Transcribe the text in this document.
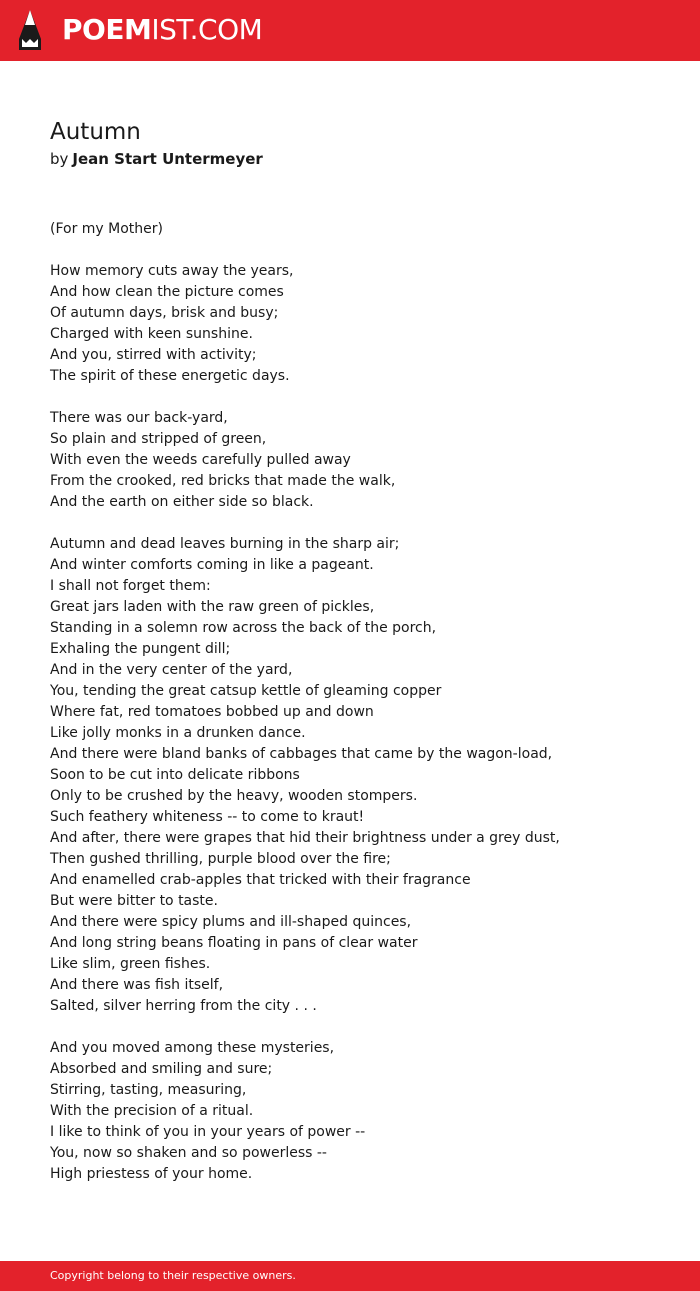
POEMIST.COM
Autumn
by Jean Start Untermeyer
(For my Mother)
How memory cuts away the years,
And how clean the picture comes
Of autumn days, brisk and busy;
Charged with keen sunshine.
And you, stirred with activity;
The spirit of these energetic days.
There was our back-yard,
So plain and stripped of green,
With even the weeds carefully pulled away
From the crooked, red bricks that made the walk,
And the earth on either side so black.
Autumn and dead leaves burning in the sharp air;
And winter comforts coming in like a pageant.
I shall not forget them:
Great jars laden with the raw green of pickles,
Standing in a solemn row across the back of the porch,
Exhaling the pungent dill;
And in the very center of the yard,
You, tending the great catsup kettle of gleaming copper
Where fat, red tomatoes bobbed up and down
Like jolly monks in a drunken dance.
And there were bland banks of cabbages that came by the wagon-load,
Soon to be cut into delicate ribbons
Only to be crushed by the heavy, wooden stompers.
Such feathery whiteness -- to come to kraut!
And after, there were grapes that hid their brightness under a grey dust,
Then gushed thrilling, purple blood over the fire;
And enamelled crab-apples that tricked with their fragrance
But were bitter to taste.
And there were spicy plums and ill-shaped quinces,
And long string beans floating in pans of clear water
Like slim, green fishes.
And there was fish itself,
Salted, silver herring from the city . . .
And you moved among these mysteries,
Absorbed and smiling and sure;
Stirring, tasting, measuring,
With the precision of a ritual.
I like to think of you in your years of power --
You, now so shaken and so powerless --
High priestess of your home.
Copyright belong to their respective owners.
